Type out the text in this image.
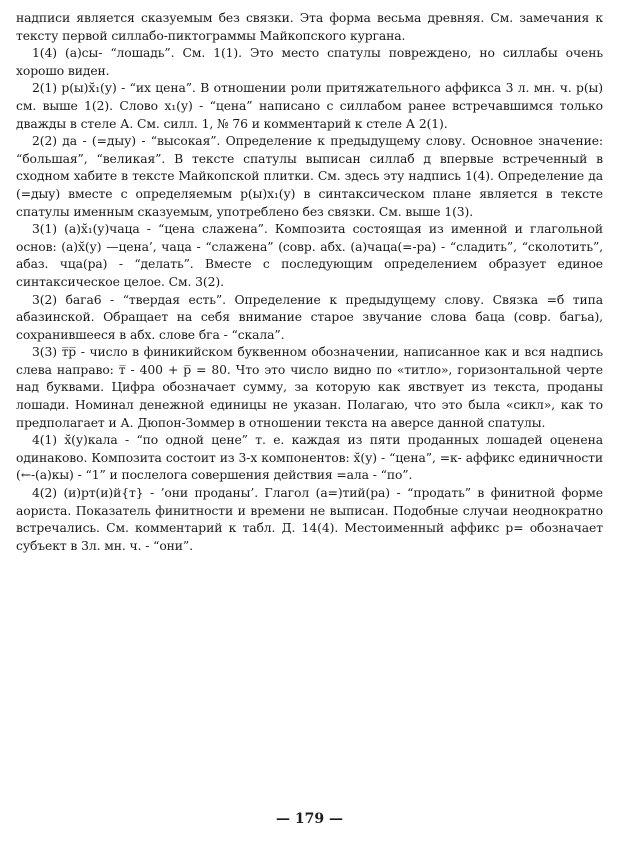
надписи является сказуемым без связки. Эта форма весьма древняя. См. замечания к тексту первой силлабо-пиктограммы Майкопского кургана.

1(4) (а)сы- “лошадь”. См. 1(1). Это место спатулы повреждено, но силлабы очень хорошо виден.

2(1) р(ы)х̆₁(у) - “их цена”. В отношении роли притяжательного аффикса 3 л. мн. ч. р(ы) см. выше 1(2). Слово х₁(у) - “цена” написано с силлабом ранее встречавшимся только дважды в стеле А. См. силл. 1, № 76 и комментарий к стеле А 2(1).

2(2) да - (=дыу) - “высокая”. Определение к предыдущему слову. Основное значение: “большая”, “великая”. В тексте спатулы выписан силлаб д впервые встреченный в сходном хабите в тексте Майкопской плитки. См. здесь эту надпись 1(4). Определение да (=дыу) вместе с определяемым р(ы)х₁(у) в синтаксическом плане является в тексте спатулы именным сказуемым, употреблено без связки. См. выше 1(3).

3(1) (а)х̆₁(у)чаца - “цена слажена”. Композита состоящая из именной и глагольной основ: (а)х̆(у) —цена’, чаца - “слажена” (совр. абх. (а)чаца(=-ра) - “сладить”, “сколотить”, абаз. чца(ра) - “делать”. Вместе с последующим определением образует единое синтаксическое целое. См. 3(2).

3(2) бага6 - “твердая есть”. Определение к предыдущему слову. Связка =б типа абазинской. Обращает на себя внимание старое звучание слова баца (совр. багьа), сохранившееся в абх. слове бга - “скала”.

3(3) т̅р̅ - число в финикийском буквенном обозначении, написанное как и вся надпись слева направо: т̅ - 400 + р̅ = 80. Что это число видно по «титло», горизонтальной черте над буквами. Цифра обозначает сумму, за которую как явствует из текста, проданы лошади. Номинал денежной единицы не указан. Полагаю, что это была «сикл», как то предполагает и А. Дюпон-Зоммер в отношении текста на аверсе данной спатулы.

4(1) х̆(у)кала - “по одной цене” т. е. каждая из пяти проданных лошадей оценена одинаково. Композита состоит из 3-х компонентов: х̆(у) - “цена”, =к- аффикс единичности (←-(а)кы) - “1” и послелога совершения действия =ала - “по”.

4(2) (и)рт(и)й{т} - ’они проданы’. Глагол (а=)тий(ра) - “продать” в финитной форме аориста. Показатель финитности и времени не выписан. Подобные случаи неоднократно встречались. См. комментарий к табл. Д. 14(4). Местоименный аффикс р= обозначает субъект в 3л. мн. ч. - “они”.

— 179 —
